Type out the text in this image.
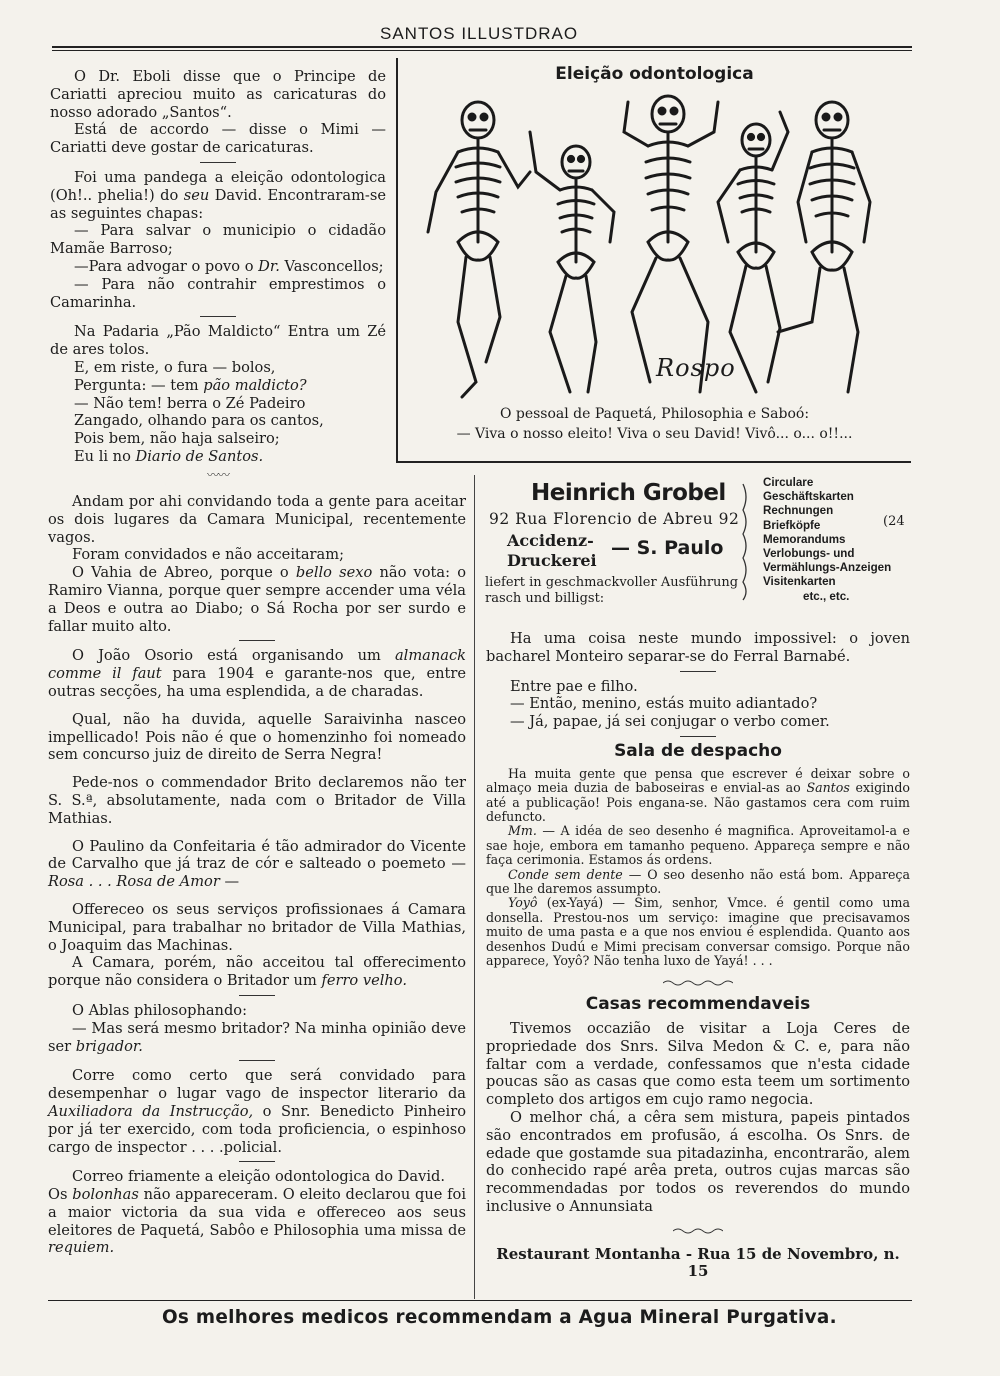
SANTOS ILLUSTDRAO

O Dr. Eboli disse que o Principe de Cariatti apreciou muito as caricaturas do nosso adorado „Santos“.

Está de accordo — disse o Mimi — Cariatti deve gostar de caricaturas.

Foi uma pandega a eleição odontologica (Oh!.. phelia!) do seu David. Encontraram-se as seguintes chapas:

— Para salvar o municipio o cidadão Mamãe Barroso;

—Para advogar o povo o Dr. Vasconcellos;

— Para não contrahir emprestimos o Camarinha.

Na Padaria „Pão Maldicto“ Entra um Zé de ares tolos.

E, em riste, o fura — bolos,

Pergunta: — tem pão maldicto?

— Não tem! berra o Zé Padeiro

Zangado, olhando para os cantos,

Pois bem, não haja salseiro;

Eu li no Diario de Santos.

〰〰
Eleição odontologica
Rospo
O pessoal de Paquetá, Philosophia e Saboó:
— Viva o nosso eleito! Viva o seu David! Vivô... o... o!!...
Heinrich Grobel
92 Rua Florencio de Abreu 92
Accidenz-
Druckerei
— S. Paulo
liefert in geschmackvoller Ausführung
rasch und billigst:
Circulare
Geschäftskarten
Rechnungen
Briefköpfe
Memorandums
Verlobungs- und
Vermählungs-Anzeigen
Visitenkarten
etc., etc.
(24

Andam por ahi convidando toda a gente para aceitar os dois lugares da Camara Municipal, recentemente vagos.

Foram convidados e não acceitaram;

O Vahia de Abreo, porque o bello sexo não vota: o Ramiro Vianna, porque quer sempre accender uma véla a Deos e outra ao Diabo; o Sá Rocha por ser surdo e fallar muito alto.

O João Osorio está organisando um almanack comme il faut para 1904 e garante-nos que, entre outras secções, ha uma esplendida, a de charadas.

Qual, não ha duvida, aquelle Saraivinha nasceo impellicado! Pois não é que o homenzinho foi nomeado sem concurso juiz de direito de Serra Negra!

Pede-nos o commendador Brito declaremos não ter S. S.ª, absolutamente, nada com o Britador de Villa Mathias.

O Paulino da Confeitaria é tão admirador do Vicente de Carvalho que já traz de cór e salteado o poemeto — Rosa . . . Rosa de Amor —

Offereceo os seus serviços profissionaes á Camara Municipal, para trabalhar no britador de Villa Mathias, o Joaquim das Machinas.

A Camara, porém, não acceitou tal offerecimento porque não considera o Britador um ferro velho.

O Ablas philosophando:

— Mas será mesmo britador? Na minha opinião deve ser brigador.

Corre como certo que será convidado para desempenhar o lugar vago de inspector literario da Auxiliadora da Instrucção, o Snr. Benedicto Pinheiro por já ter exercido, com toda proficiencia, o espinhoso cargo de inspector . . . .policial.

Correo friamente a eleição odontologica do David.

Os bolonhas não appareceram. O eleito declarou que foi a maior victoria da sua vida e offereceo aos seus eleitores de Paquetá, Sabôo e Philosophia uma missa de requiem.

Ha uma coisa neste mundo impossivel: o joven bacharel Monteiro separar-se do Ferral Barnabé.

Entre pae e filho.

— Então, menino, estás muito adiantado?

— Já, papae, já sei conjugar o verbo comer.

Sala de despacho

Ha muita gente que pensa que escrever é deixar sobre o almaço meia duzia de baboseiras e envial-as ao Santos exigindo até a publicação! Pois engana-se. Não gastamos cera com ruim defuncto.

Mm. — A idéa de seo desenho é magnifica. Aproveitamol-a e sae hoje, embora em tamanho pequeno. Appareça sempre e não faça cerimonia. Estamos ás ordens.

Conde sem dente — O seo desenho não está bom. Appareça que lhe daremos assumpto.

Yoyô (ex-Yayá) — Sim, senhor, Vmce. é gentil como uma donsella. Prestou-nos um serviço: imagine que precisavamos muito de uma pasta e a que nos enviou é esplendida. Quanto aos desenhos Dudú e Mimi precisam conversar comsigo. Porque não apparece, Yoyô? Não tenha luxo de Yayá! . . .

Casas recommendaveis

Tivemos occazião de visitar a Loja Ceres de propriedade dos Snrs. Silva Medon & C. e, para não faltar com a verdade, confessamos que n'esta cidade poucas são as casas que como esta teem um sortimento completo dos artigos em cujo ramo negocia.

O melhor chá, a cêra sem mistura, papeis pintados são encontrados em profusão, á escolha. Os Snrs. de edade que gostamde sua pitadazinha, encontrarão, alem do conhecido rapé arêa preta, outros cujas marcas são recommendadas por todos os reverendos do mundo inclusive o Annunsiata

Restaurant Montanha - Rua 15 de Novembro, n. 15
Os melhores medicos recommendam a Agua Mineral Purgativa.
